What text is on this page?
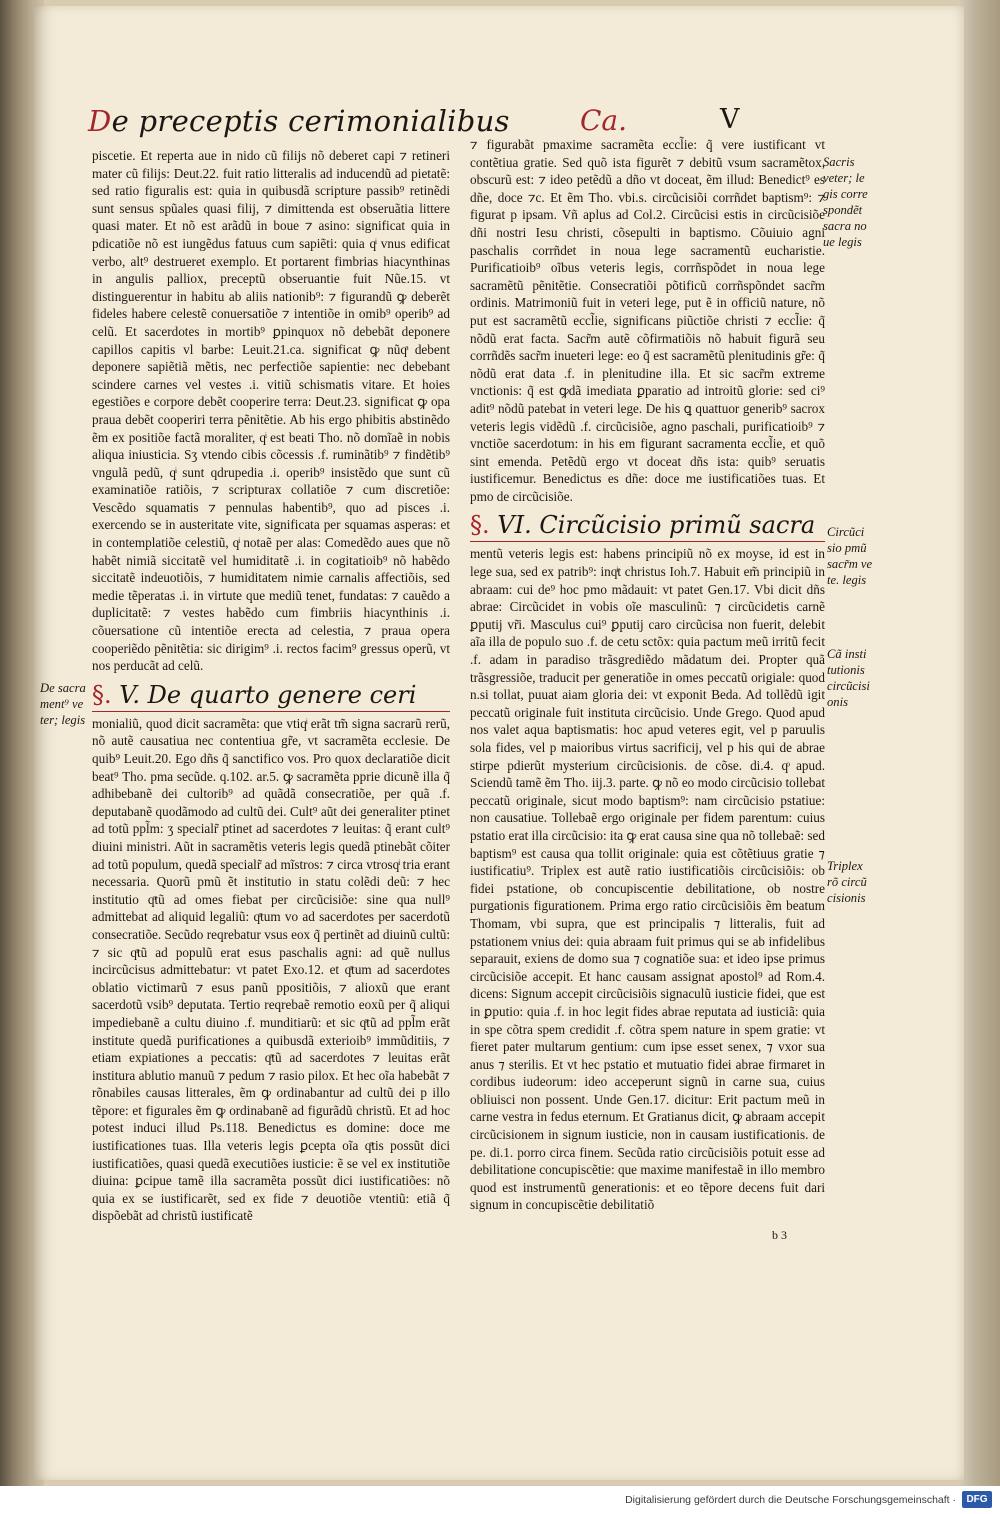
De preceptis cerimonialibus	Ca.	V

piscetie. Et reperta aue in nido cũ filijs nõ deberet capi ⁊ retineri mater cũ filijs: Deut.22. fuit ratio litteralis ad inducendũ ad pietatẽ: sed ratio figuralis est: quia in quibusdã scripture passib⁹ retinẽdi sunt sensus spũales quasi filij, ⁊ dimittenda est obseruãtia littere quasi mater. Et nõ est arãdũ in boue ⁊ asino: significat quia in pdicatiõe nõ est iungẽdus fatuus cum sapiẽti: quia qͥ vnus edificat verbo, alt⁹ destrueret exemplo. Et portarent fimbrias hiacynthinas in angulis palliox, preceptũ obseruantie fuit Nũe.15. vt distinguerentur in habitu ab aliis nationib⁹: ⁊ figurandũ ꝙ deberẽt fideles habere celestẽ conuersatiõe ⁊ intentiõe in omib⁹ operib⁹ ad celũ. Et sacerdotes in mortib⁹ ꝑpinquox nõ debebãt deponere capillos capitis vl barbe: Leuit.21.ca. significat ꝙ nũqͣ debent deponere sapiẽtiã mẽtis, nec perfectiõe sapientie: nec debebant scindere carnes vel vestes .i. vitiũ schismatis vitare. Et hoies egestiões e corpore debẽt cooperire terra: Deut.23. significat ꝙ opa praua debẽt cooperiri terra pẽnitẽtie. Ab his ergo phibitis abstinẽdo ẽm ex positiõe factã moraliter, qͥ est beati Tho. nõ domĩaẽ in nobis aliqua iniusticia. Sʒ vtendo cibis cõcessis .f. ruminãtib⁹ ⁊ findẽtib⁹ vngulã pedũ, qͥ sunt qdrupedia .i. operib⁹ insistẽdo que sunt cũ examinatiõe ratiõis, ⁊ scripturax collatiõe ⁊ cum discretiõe: Vescẽdo squamatis ⁊ pennulas habentib⁹, quo ad pisces .i. exercendo se in austeritate vite, significata per squamas asperas: et in contemplatiõe celestiũ, qͥ notaẽ per alas: Comedẽdo aues que nõ habẽt nimiã siccitatẽ vel humiditatẽ .i. in cogitatioib⁹ nõ habẽdo siccitatẽ indeuotiõis, ⁊ humiditatem nimie carnalis affectiõis, sed medie tẽperatas .i. in virtute que mediũ tenet, fundatas: ⁊ cauẽdo a duplicitatẽ: ⁊ vestes habẽdo cum fimbriis hiacynthinis .i. cõuersatione cũ intentiõe erecta ad celestia, ⁊ praua opera cooperiẽdo pẽnitẽtia: sic dirigim⁹ .i. rectos facim⁹ gressus operũ, vt nos perducãt ad celũ.

§. V. De quarto genere ceri

monialiũ, quod dicit sacramẽta: que vtiqͥ erãt tm̃ signa sacrarũ rerũ, nõ autẽ causatiua nec contentiua gr̃e, vt sacramẽta ecclesie. De quib⁹ Leuit.20. Ego dñs q̃ sanctifico vos. Pro quox declaratiõe dicit beat⁹ Tho. pma secũde. q.102. ar.5. ꝙ sacramẽta pprie dicunẽ illa q̃ adhibebanẽ dei cultorib⁹ ad quãdã consecratiõe, per quã .f. deputabanẽ quodãmodo ad cultũ dei. Cult⁹ aũt dei generaliter ptinet ad totũ ppl̃m: ʒ specialr̃ ptinet ad sacerdotes ⁊ leuitas: q̃ erant cult⁹ diuini ministri. Aũt in sacramẽtis veteris legis quedã ptinebãt cõiter ad totũ populum, quedã specialr̃ ad mĩstros: ⁊ circa vtrosqͥ tria erant necessaria. Quorũ pmũ ẽt institutio in statu colẽdi deũ: ⁊ hec institutio qͣtũ ad omes fiebat per circũcisiõe: sine qua null⁹ admittebat ad aliquid legaliũ: qͣtum vo ad sacerdotes per sacerdotũ consecratiõe. Secũdo reqrebatur vsus eox q̃ pertinẽt ad diuinũ cultũ: ⁊ sic qͣtũ ad populũ erat esus paschalis agni: ad quẽ nullus incircũcisus admittebatur: vt patet Exo.12. et qͣtum ad sacerdotes oblatio victimarũ ⁊ esus panũ ppositiõis, ⁊ alioxũ que erant sacerdotũ vsib⁹ deputata. Tertio reqrebaẽ remotio eoxũ per q̃ aliqui impediebanẽ a cultu diuino .f. munditiarũ: et sic qͣtũ ad ppl̃m erãt institute quedã purificationes a quibusdã exterioib⁹ immũditiis, ⁊ etiam expiationes a peccatis: qͣtũ ad sacerdotes ⁊ leuitas erãt institura ablutio manuũ ⁊ pedum ⁊ rasio pilox. Et hec oĩa habebãt ⁊ rõnabiles causas litterales, ẽm ꝙ ordinabantur ad cultũ dei p illo tẽpore: et figurales ẽm ꝙ ordinabanẽ ad figurãdũ christũ. Et ad hoc potest induci illud Ps.118. Benedictus es domine: doce me iustificationes tuas. Illa veteris legis ꝑcepta oĩa qͣtis possũt dici iustificatiões, quasi quedã executiões iusticie: ẽ se vel ex institutiõe diuina: ꝑcipue tamẽ illa sacramẽta possũt dici iustificatiões: nõ quia ex se iustificarẽt, sed ex fide ⁊ deuotiõe vtentiũ: etiã q̃ dispõebãt ad christũ iustificatẽ

⁊ figurabãt pmaxime sacramẽta eccl̃ie: q̃ vere iustificant vt contẽtiua gratie. Sed quõ ista figurẽt ⁊ debitũ vsum sacramẽtox, obscurũ est: ⁊ ideo petẽdũ a dño vt doceat, ẽm illud: Benedict⁹ es dñe, doce ⁊c. Et ẽm Tho. vbi.s. circũcisiõi corrñdet baptism⁹: ⁊ figurat p ipsam. Vñ aplus ad Col.2. Circũcisi estis in circũcisiõe dñi nostri Iesu christi, cõsepulti in baptismo. Cõuiuio agni paschalis corrñdet in noua lege sacramentũ eucharistie. Purificatioib⁹ oĩbus veteris legis, corrñspõdet in noua lege sacramẽtũ pẽnitẽtie. Consecratiõi põtificũ corrñspõndet sacr̃m ordinis. Matrimoniũ fuit in veteri lege, put ẽ in officiũ nature, nõ put est sacramẽtũ eccl̃ie, significans piũctiõe christi ⁊ eccl̃ie: q̃ nõdũ erat facta. Sacr̃m autẽ cõfirmatiõis nõ habuit figurã seu corrñdẽs sacr̃m inueteri lege: eo q̃ est sacramẽtũ plenitudinis gr̃e: q̃ nõdũ erat data .f. in plenitudine illa. Et sic sacr̃m extreme vnctionis: q̃ est ꝙdã imediata ꝑparatio ad introitũ glorie: sed ci⁹ adit⁹ nõdũ patebat in veteri lege. De his ꝗ quattuor generib⁹ sacrox veteris legis vidẽdũ .f. circũcisiõe, agno paschali, purificatioib⁹ ⁊ vnctiõe sacerdotum: in his em figurant sacramenta eccl̃ie, et quõ sint emenda. Petẽdũ ergo vt doceat dñs ista: quib⁹ seruatis iustificemur. Benedictus es dñe: doce me iustificatiões tuas. Et pmo de circũcisiõe.

§. VI. Circũcisio primũ sacra

mentũ veteris legis est: habens principiũ nõ ex moyse, id est in lege sua, sed ex patrib⁹: inqͥt christus Ioh.7. Habuit em̃ principiũ in abraam: cui de⁹ hoc pmo mãdauit: vt patet Gen.17. Vbi dicit dñs abrae: Circũcidet in vobis oĩe masculinũ: ⁊ circũcidetis carnẽ ꝑputij vr̃i. Masculus cui⁹ ꝑputij caro circũcisa non fuerit, delebit aĩa illa de populo suo .f. de cetu sctõx: quia pactum meũ irritũ fecit .f. adam in paradiso trãsgrediẽdo mãdatum dei. Propter quã trãsgressiõe, traducit per generatiõe in omes peccatũ origiale: quod n.si tollat, puuat aiam gloria dei: vt exponit Beda. Ad tollẽdũ igit peccatũ originale fuit instituta circũcisio. Unde Grego. Quod apud nos valet aqua baptismatis: hoc apud veteres egit, vel p paruulis sola fides, vel p maioribus virtus sacrificij, vel p his qui de abrae stirpe pdierũt mysterium circũcisionis. de cõse. di.4. qͦ apud. Sciendũ tamẽ ẽm Tho. iij.3. parte. ꝙ nõ eo modo circũcisio tollebat peccatũ originale, sicut modo baptism⁹: nam circũcisio pstatiue: non causatiue. Tollebaẽ ergo originale per fidem parentum: cuius pstatio erat illa circũcisio: ita ꝙ erat causa sine qua nõ tollebaẽ: sed baptism⁹ est causa qua tollit originale: quia est cõtẽtiuus gratie ⁊ iustificatiu⁹. Triplex est autẽ ratio iustificatiõis circũcisiõis: ob fidei pstatione, ob concupiscentie debilitatione, ob nostre purgationis figurationem. Prima ergo ratio circũcisiõis ẽm beatum Thomam, vbi supra, que est principalis ⁊ litteralis, fuit ad pstationem vnius dei: quia abraam fuit primus qui se ab infidelibus separauit, exiens de domo sua ⁊ cognatiõe sua: et ideo ipse primus circũcisiõe accepit. Et hanc causam assignat apostol⁹ ad Rom.4. dicens: Signum accepit circũcisiõis signaculũ iusticie fidei, que est in ꝑputio: quia .f. in hoc legit fides abrae reputata ad iusticiã: quia in spe cõtra spem credidit .f. cõtra spem nature in spem gratie: vt fieret pater multarum gentium: cum ipse esset senex, ⁊ vxor sua anus ⁊ sterilis. Et vt hec pstatio et mutuatio fidei abrae firmaret in cordibus iudeorum: ideo acceperunt signũ in carne sua, cuius obliuisci non possent. Unde Gen.17. dicitur: Erit pactum meũ in carne vestra in fedus eternum. Et Gratianus dicit, ꝙ abraam accepit circũcisionem in signum iusticie, non in causam iustificationis. de pe. di.1. porro circa finem. Secũda ratio circũcisiõis potuit esse ad debilitatione concupiscẽtie: que maxime manifestaẽ in illo membro quod est instrumentũ generationis: et eo tẽpore decens fuit dari signum in concupiscẽtie debilitatiõ

Sacris
veter; le
gis corre
spondẽt
sacra no
ue legis
Circũci
sio pmũ
sacr̃m ve
te. legis
Cã insti
tutionis
circũcisi
onis
Triplex
rõ circũ
cisionis
De sacra
ment⁹ ve
ter; legis
b 3
Digitalisierung gefördert durch die Deutsche Forschungsgemeinschaft ·	DFG
